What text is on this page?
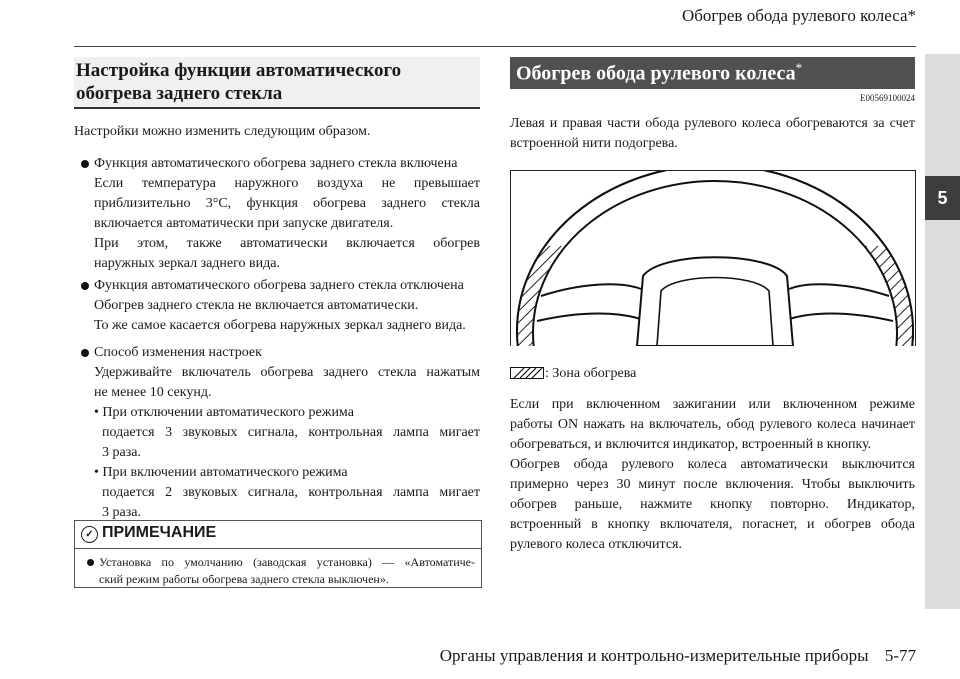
Обогрев обода рулевого колеса*
5
Настройка функции автоматического
обогрева заднего стекла
Настройки можно изменить следующим образом.
Функция автоматического обогрева заднего стекла включена
Если температура наружного воздуха не превышает
приблизительно 3°C, функция обогрева заднего стекла
включается автоматически при запуске двигателя.
При этом, также автоматически включается обогрев
наружных зеркал заднего вида.
Функция автоматического обогрева заднего стекла отключена
Обогрев заднего стекла не включается автоматически.
То же самое касается обогрева наружных зеркал заднего вида.
Способ изменения настроек
Удерживайте включатель обогрева заднего стекла нажатым
не менее 10 секунд.
• При отключении автоматического режима
подается 3 звуковых сигнала, контрольная лампа мигает
3 раза.
• При включении автоматического режима
подается 2 звуковых сигнала, контрольная лампа мигает
3 раза.
✓ ПРИМЕЧАНИЕ
Установка по умолчанию (заводская установка) — «Автоматиче-
ский режим работы обогрева заднего стекла выключен».
Обогрев обода рулевого колеса*
E00569100024
Левая и правая части обода рулевого колеса обогреваются за счет
встроенной нити подогрева.
: Зона обогрева
Если при включенном зажигании или включенном режиме
работы ON нажать на включатель, обод рулевого колеса начинает
обогреваться, и включится индикатор, встроенный в кнопку.
Обогрев обода рулевого колеса автоматически выключится
примерно через 30 минут после включения. Чтобы выключить
обогрев раньше, нажмите кнопку повторно. Индикатор,
встроенный в кнопку включателя, погаснет, и обогрев обода
рулевого колеса отключится.
Органы управления и контрольно-измерительные приборы 5-77
